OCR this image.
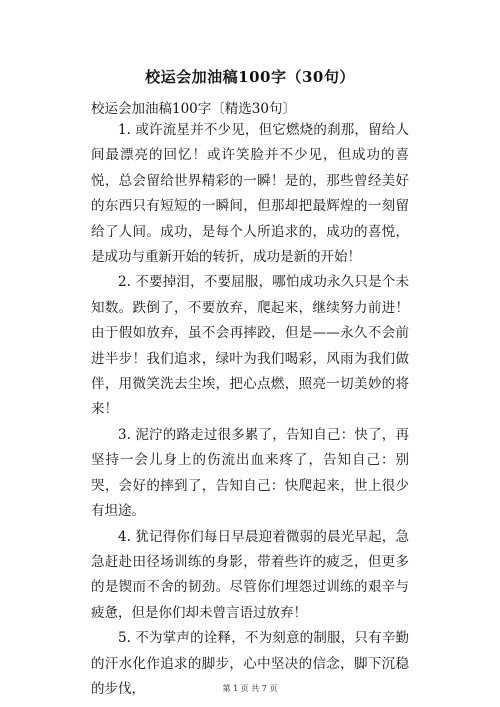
校运会加油稿100字（30句）
校运会加油稿100字〔精选30句〕

1. 或许流星并不少见，但它燃烧的刹那，留给人间最漂亮的回忆！或许笑脸并不少见，但成功的喜悦，总会留给世界精彩的一瞬！是的，那些曾经美好的东西只有短短的一瞬间，但那却把最辉煌的一刻留给了人间。成功，是每个人所追求的，成功的喜悦，是成功与重新开始的转折，成功是新的开始！

2. 不要掉泪，不要屈服，哪怕成功永久只是个未知数。跌倒了，不要放弃，爬起来，继续努力前进！由于假如放弃，虽不会再摔跤，但是——永久不会前进半步！我们追求，绿叶为我们喝彩，风雨为我们做伴，用微笑洗去尘埃，把心点燃，照亮一切美妙的将来！

3. 泥泞的路走过很多累了，告知自己：快了，再坚持一会儿身上的伤流出血来疼了，告知自己：别哭，会好的摔到了，告知自己：快爬起来，世上很少有坦途。

4. 犹记得你们每日早晨迎着微弱的晨光早起，急急赶赴田径场训练的身影，带着些许的疲乏，但更多的是锲而不舍的韧劲。尽管你们埋怨过训练的艰辛与疲惫，但是你们却未曾言语过放弃！

5. 不为掌声的诠释，不为刻意的制服，只有辛勤的汗水化作追求的脚步，心中坚决的信念，脚下沉稳的步伐，	第 1 页 共 7 页
